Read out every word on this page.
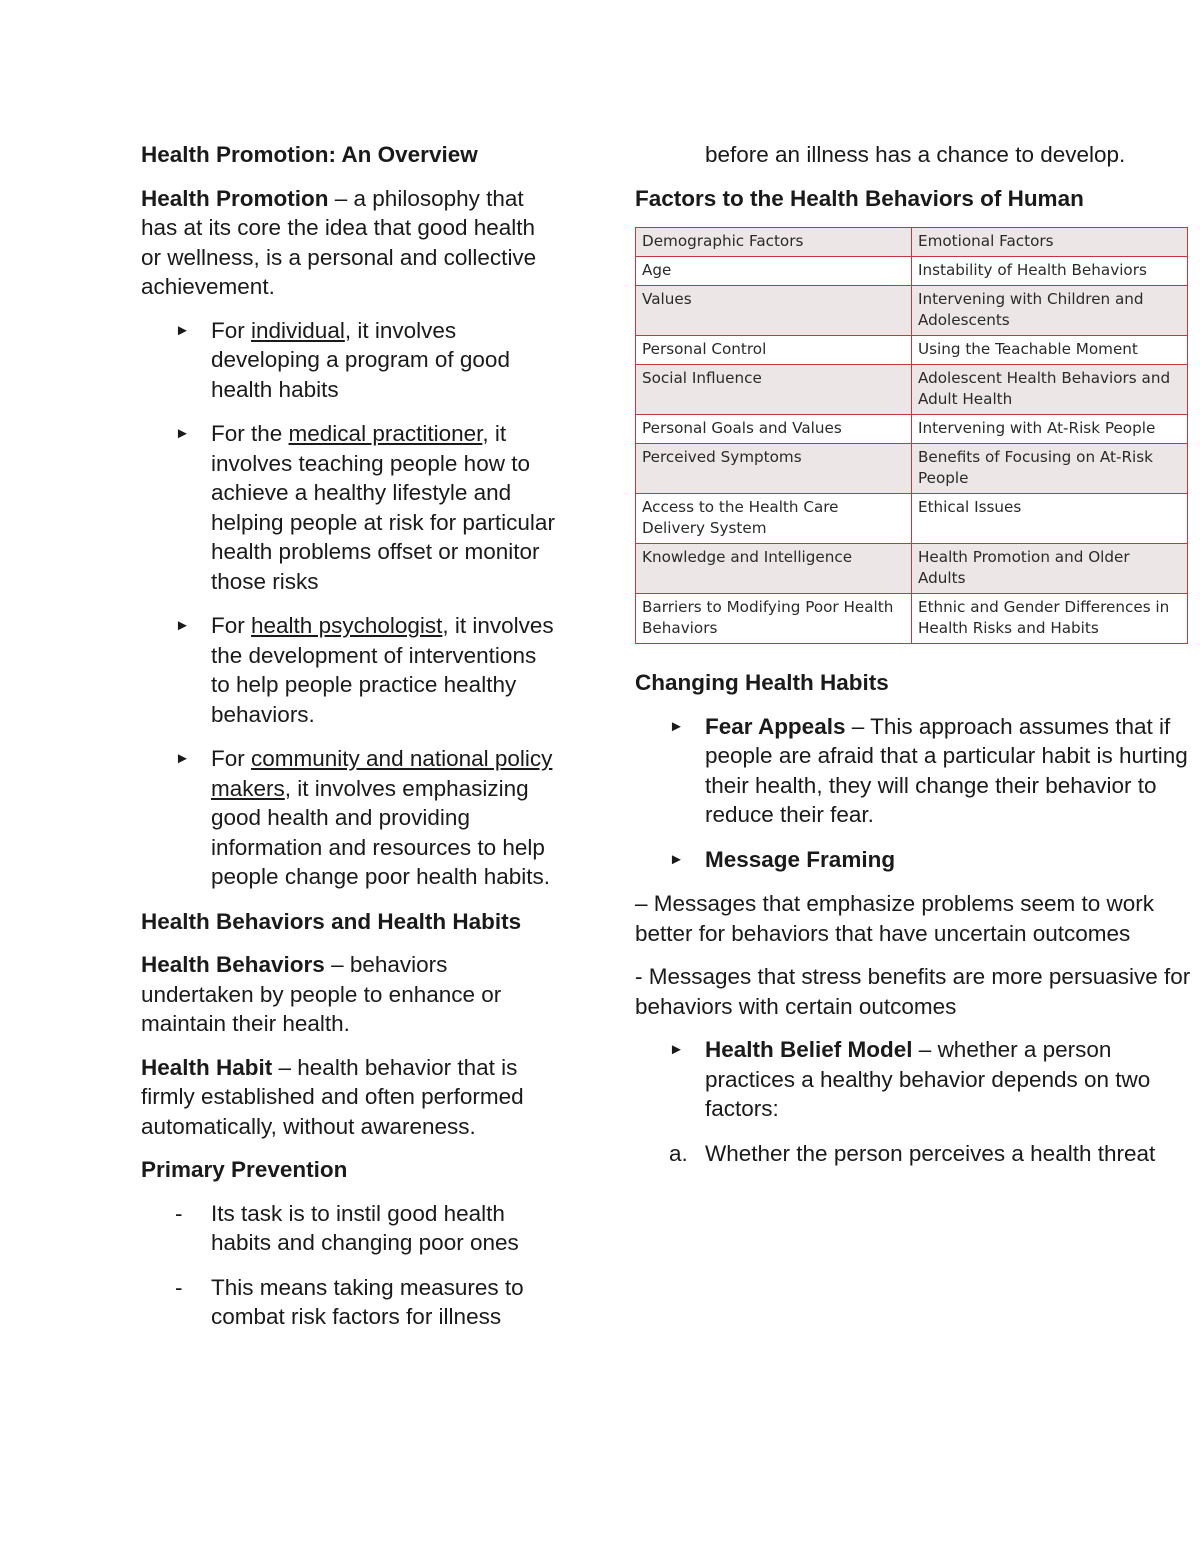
Health Promotion: An Overview

Health Promotion – a philosophy that has at its core the idea that good health or wellness, is a personal and collective achievement.

► For individual, it involves developing a program of good health habits
► For the medical practitioner, it involves teaching people how to achieve a healthy lifestyle and helping people at risk for particular health problems offset or monitor those risks
► For health psychologist, it involves the development of interventions to help people practice healthy behaviors.
► For community and national policy makers, it involves emphasizing good health and providing information and resources to help people change poor health habits.
Health Behaviors and Health Habits

Health Behaviors – behaviors undertaken by people to enhance or maintain their health.

Health Habit – health behavior that is firmly established and often performed automatically, without awareness.

Primary Prevention
- Its task is to instil good health habits and changing poor ones
- This means taking measures to combat risk factors for illness
before an illness has a chance to develop.
Factors to the Health Behaviors of Human
Demographic Factors	Emotional Factors
Age	Instability of Health Behaviors
Values	Intervening with Children and Adolescents
Personal Control	Using the Teachable Moment
Social Influence	Adolescent Health Behaviors and Adult Health
Personal Goals and Values	Intervening with At-Risk People
Perceived Symptoms	Benefits of Focusing on At-Risk People
Access to the Health Care Delivery System	Ethical Issues
Knowledge and Intelligence	Health Promotion and Older Adults
Barriers to Modifying Poor Health Behaviors	Ethnic and Gender Differences in Health Risks and Habits
Changing Health Habits
► Fear Appeals – This approach assumes that if people are afraid that a particular habit is hurting their health, they will change their behavior to reduce their fear.
► Message Framing

– Messages that emphasize problems seem to work better for behaviors that have uncertain outcomes

- Messages that stress benefits are more persuasive for behaviors with certain outcomes

► Health Belief Model – whether a person practices a healthy behavior depends on two factors:
a. Whether the person perceives a health threat
